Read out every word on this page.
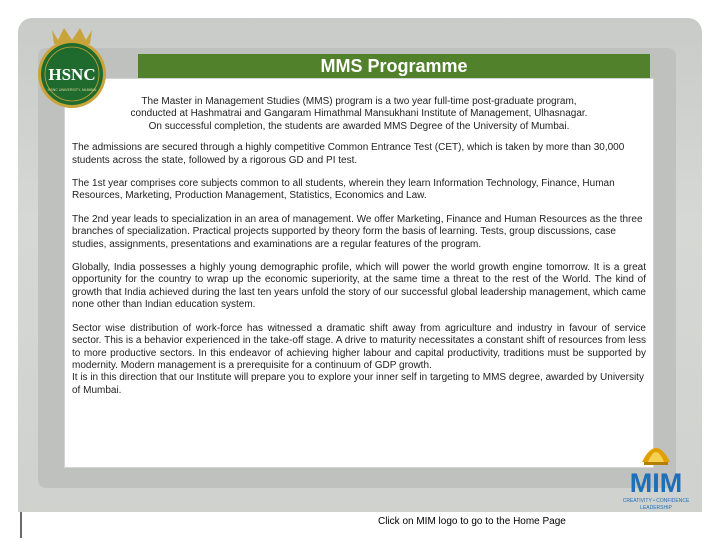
HSNC
HSNC UNIVERSITY, MUMBAI
MMS Programme

The Master in Management Studies (MMS) program is a two year full-time post-graduate program,
conducted at Hashmatrai and Gangaram Himathmal Mansukhani Institute of Management, Ulhasnagar.
On successful completion, the students are awarded MMS Degree of the University of Mumbai.

The admissions are secured through a highly competitive Common Entrance Test (CET), which is taken by more than 30,000 students across the state, followed by a rigorous GD and PI test.

The 1st year comprises core subjects common to all students, wherein they learn Information Technology, Finance, Human Resources, Marketing, Production Management, Statistics, Economics and Law.

The 2nd year leads to specialization in an area of management. We offer Marketing, Finance and Human Resources as the three branches of specialization. Practical projects supported by theory form the basis of learning. Tests, group discussions, case studies, assignments, presentations and examinations are a regular features of the program.

Globally, India possesses a highly young demographic profile, which will power the world growth engine tomorrow. It is a great opportunity for the country to wrap up the economic superiority, at the same time a threat to the rest of the World. The kind of growth that India achieved during the last ten years unfold the story of our successful global leadership management, which came none other than Indian education system.

Sector wise distribution of work-force has witnessed a dramatic shift away from agriculture and industry in favour of service sector. This is a behavior experienced in the take-off stage. A drive to maturity necessitates a constant shift of resources from less to more productive sectors. In this endeavor of achieving higher labour and capital productivity, traditions must be supported by modernity. Modern management is a prerequisite for a continuum of GDP growth.

It is in this direction that our Institute will prepare you to explore your inner self in targeting to MMS degree, awarded by University of Mumbai.

MIM
CREATIVITY • CONFIDENCE
LEADERSHIP
Click on MIM logo to go to the Home Page
